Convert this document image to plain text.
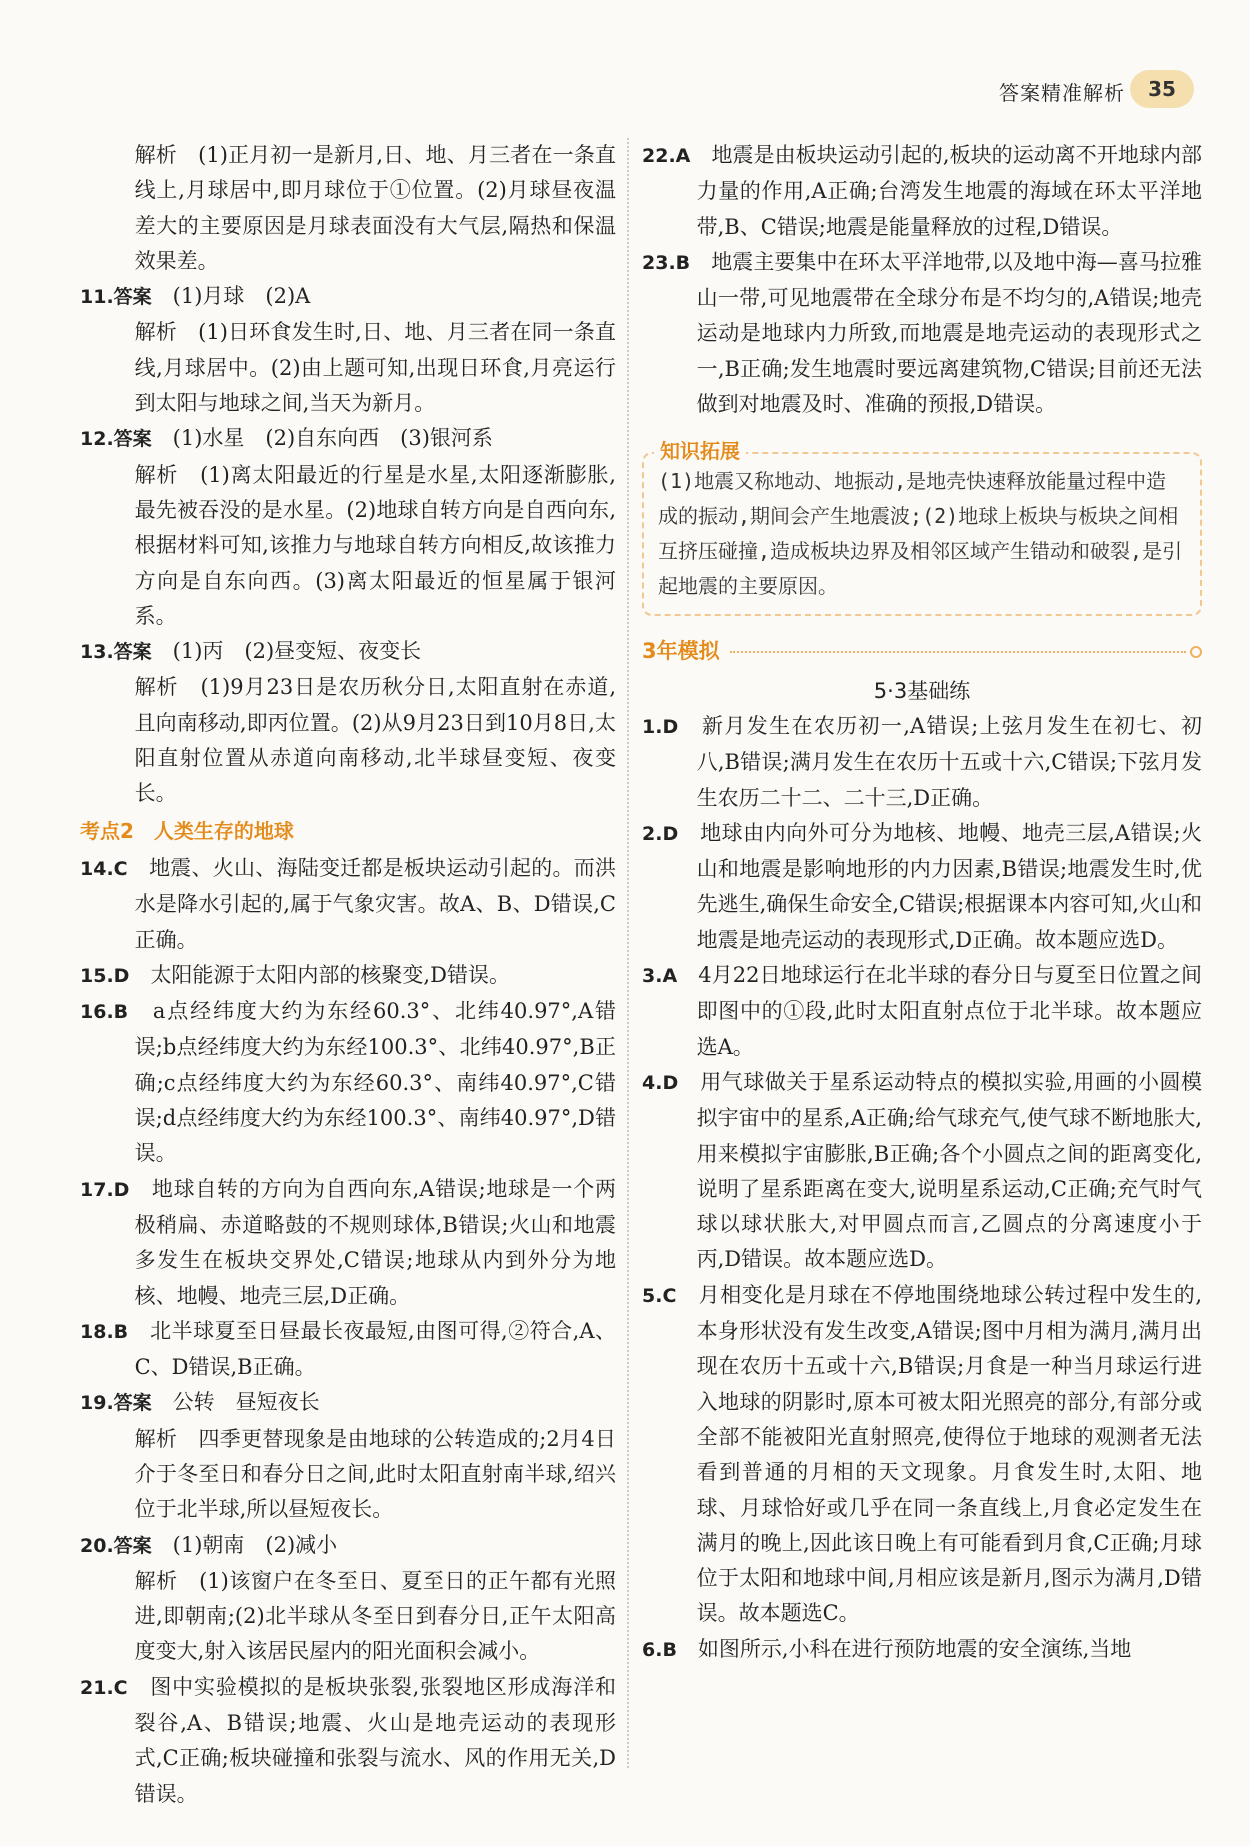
答案精准解析	35

解析　(1)正月初一是新月,日、地、月三者在一条直线上,月球居中,即月球位于①位置。(2)月球昼夜温差大的主要原因是月球表面没有大气层,隔热和保温效果差。

11.答案　 (1)月球　(2)A

解析　(1)日环食发生时,日、地、月三者在同一条直线,月球居中。(2)由上题可知,出现日环食,月亮运行到太阳与地球之间,当天为新月。

12.答案　 (1)水星　(2)自东向西　(3)银河系

解析　(1)离太阳最近的行星是水星,太阳逐渐膨胀,最先被吞没的是水星。(2)地球自转方向是自西向东,根据材料可知,该推力与地球自转方向相反,故该推力方向是自东向西。(3)离太阳最近的恒星属于银河系。

13.答案　 (1)丙　(2)昼变短、夜变长

解析　(1)9月23日是农历秋分日,太阳直射在赤道,且向南移动,即丙位置。(2)从9月23日到10月8日,太阳直射位置从赤道向南移动,北半球昼变短、夜变长。

考点2　人类生存的地球

14.C　 地震、火山、海陆变迁都是板块运动引起的。而洪水是降水引起的,属于气象灾害。故A、B、D错误,C正确。

15.D　 太阳能源于太阳内部的核聚变,D错误。

16.B　 a点经纬度大约为东经60.3°、北纬40.97°,A错误;b点经纬度大约为东经100.3°、北纬40.97°,B正确;c点经纬度大约为东经60.3°、南纬40.97°,C错误;d点经纬度大约为东经100.3°、南纬40.97°,D错误。

17.D　 地球自转的方向为自西向东,A错误;地球是一个两极稍扁、赤道略鼓的不规则球体,B错误;火山和地震多发生在板块交界处,C错误;地球从内到外分为地核、地幔、地壳三层,D正确。

18.B　 北半球夏至日昼最长夜最短,由图可得,②符合,A、C、D错误,B正确。

19.答案　 公转　昼短夜长

解析　四季更替现象是由地球的公转造成的;2月4日介于冬至日和春分日之间,此时太阳直射南半球,绍兴位于北半球,所以昼短夜长。

20.答案　 (1)朝南　(2)减小

解析　(1)该窗户在冬至日、夏至日的正午都有光照进,即朝南;(2)北半球从冬至日到春分日,正午太阳高度变大,射入该居民屋内的阳光面积会减小。

21.C　 图中实验模拟的是板块张裂,张裂地区形成海洋和裂谷,A、B错误;地震、火山是地壳运动的表现形式,C正确;板块碰撞和张裂与流水、风的作用无关,D错误。

22.A　 地震是由板块运动引起的,板块的运动离不开地球内部力量的作用,A正确;台湾发生地震的海域在环太平洋地带,B、C错误;地震是能量释放的过程,D错误。

23.B　 地震主要集中在环太平洋地带,以及地中海—喜马拉雅山一带,可见地震带在全球分布是不均匀的,A错误;地壳运动是地球内力所致,而地震是地壳运动的表现形式之一,B正确;发生地震时要远离建筑物,C错误;目前还无法做到对地震及时、准确的预报,D错误。

知识拓展
(1)地震又称地动、地振动,是地壳快速释放能量过程中造成的振动,期间会产生地震波;(2)地球上板块与板块之间相互挤压碰撞,造成板块边界及相邻区域产生错动和破裂,是引起地震的主要原因。
3年模拟

5·3基础练

1.D　 新月发生在农历初一,A错误;上弦月发生在初七、初八,B错误;满月发生在农历十五或十六,C错误;下弦月发生农历二十二、二十三,D正确。

2.D　 地球由内向外可分为地核、地幔、地壳三层,A错误;火山和地震是影响地形的内力因素,B错误;地震发生时,优先逃生,确保生命安全,C错误;根据课本内容可知,火山和地震是地壳运动的表现形式,D正确。故本题应选D。

3.A　 4月22日地球运行在北半球的春分日与夏至日位置之间即图中的①段,此时太阳直射点位于北半球。故本题应选A。

4.D　 用气球做关于星系运动特点的模拟实验,用画的小圆模拟宇宙中的星系,A正确;给气球充气,使气球不断地胀大,用来模拟宇宙膨胀,B正确;各个小圆点之间的距离变化,说明了星系距离在变大,说明星系运动,C正确;充气时气球以球状胀大,对甲圆点而言,乙圆点的分离速度小于丙,D错误。故本题应选D。

5.C　 月相变化是月球在不停地围绕地球公转过程中发生的,本身形状没有发生改变,A错误;图中月相为满月,满月出现在农历十五或十六,B错误;月食是一种当月球运行进入地球的阴影时,原本可被太阳光照亮的部分,有部分或全部不能被阳光直射照亮,使得位于地球的观测者无法看到普通的月相的天文现象。月食发生时,太阳、地球、月球恰好或几乎在同一条直线上,月食必定发生在满月的晚上,因此该日晚上有可能看到月食,C正确;月球位于太阳和地球中间,月相应该是新月,图示为满月,D错误。故本题选C。

6.B　 如图所示,小科在进行预防地震的安全演练,当地
